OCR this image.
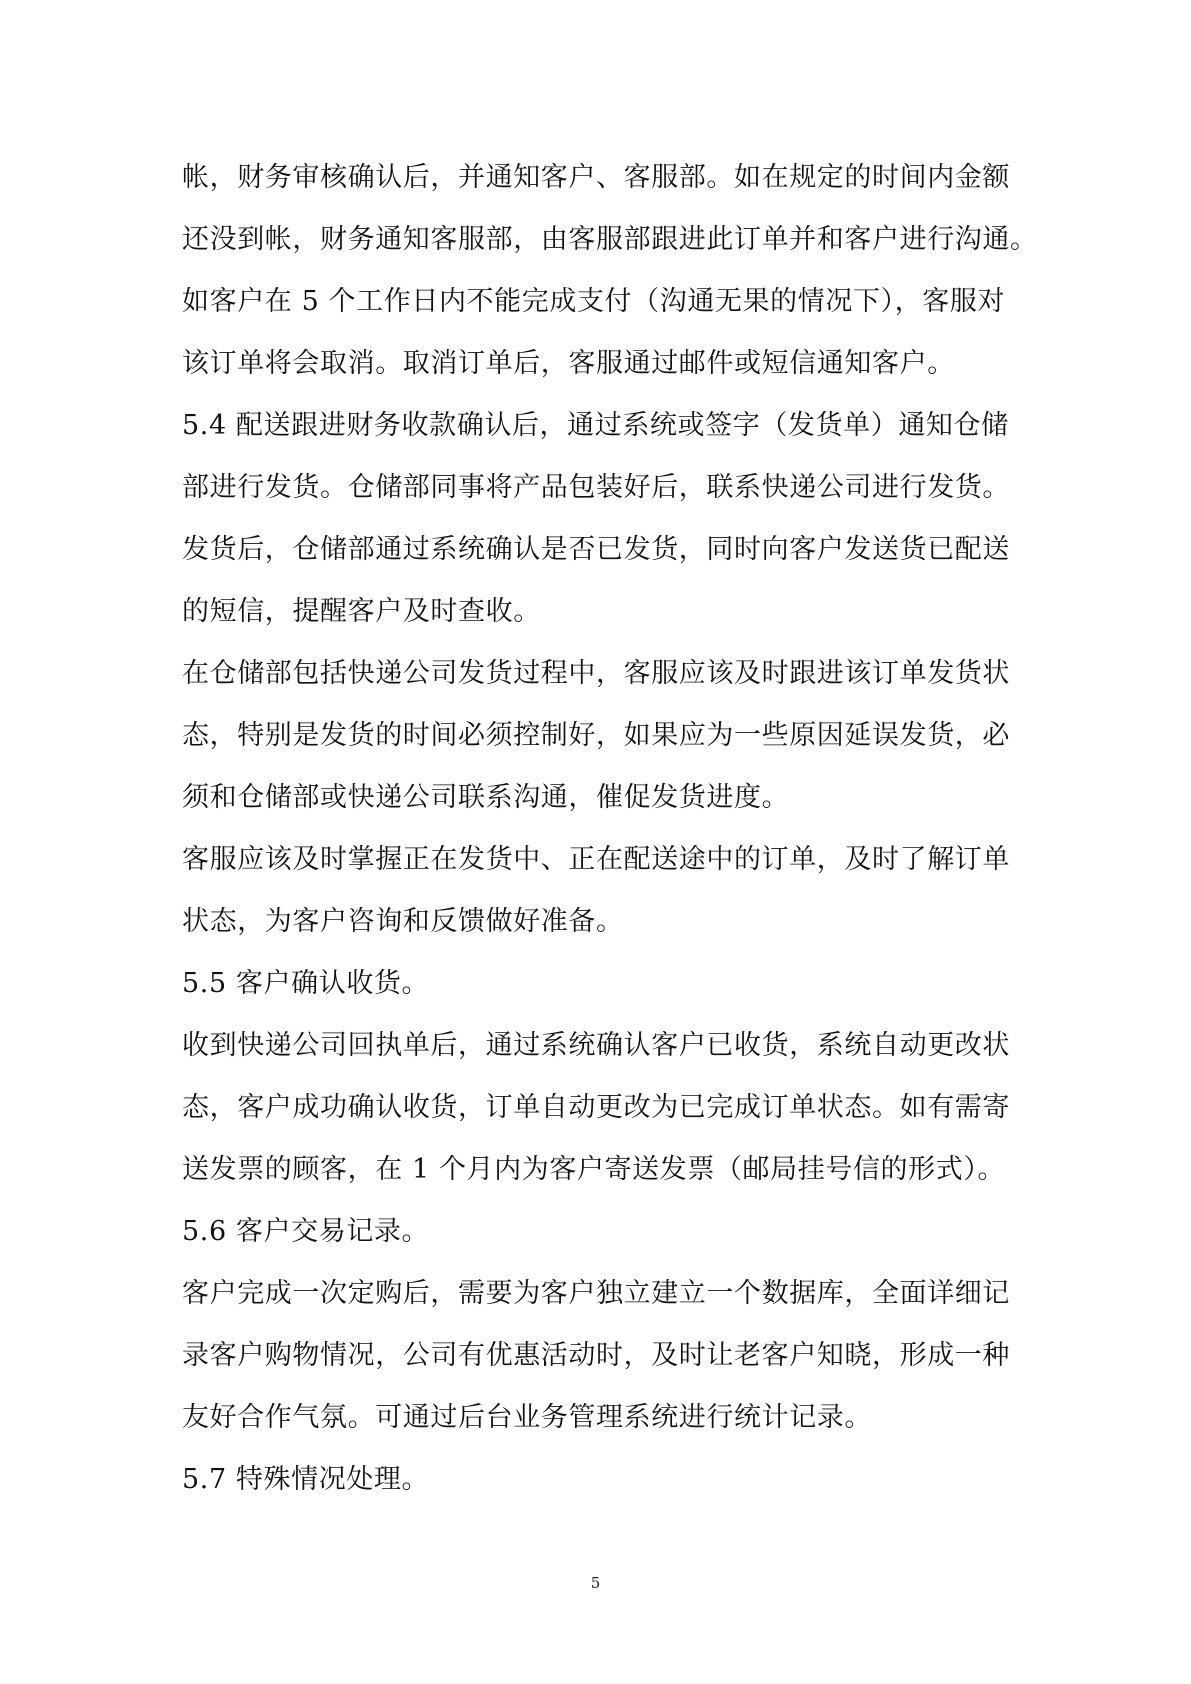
帐，财务审核确认后，并通知客户、客服部。如在规定的时间内金额
还没到帐，财务通知客服部，由客服部跟进此订单并和客户进行沟通。
如客户在 5 个工作日内不能完成支付（沟通无果的情况下），客服对
该订单将会取消。取消订单后，客服通过邮件或短信通知客户。
5.4 配送跟进财务收款确认后，通过系统或签字（发货单）通知仓储
部进行发货。仓储部同事将产品包装好后，联系快递公司进行发货。
发货后，仓储部通过系统确认是否已发货，同时向客户发送货已配送
的短信，提醒客户及时查收。
在仓储部包括快递公司发货过程中，客服应该及时跟进该订单发货状
态，特别是发货的时间必须控制好，如果应为一些原因延误发货，必
须和仓储部或快递公司联系沟通，催促发货进度。
客服应该及时掌握正在发货中、正在配送途中的订单，及时了解订单
状态，为客户咨询和反馈做好准备。
5.5 客户确认收货。
收到快递公司回执单后，通过系统确认客户已收货，系统自动更改状
态，客户成功确认收货，订单自动更改为已完成订单状态。如有需寄
送发票的顾客，在 1 个月内为客户寄送发票（邮局挂号信的形式）。
5.6 客户交易记录。
客户完成一次定购后，需要为客户独立建立一个数据库，全面详细记
录客户购物情况，公司有优惠活动时，及时让老客户知晓，形成一种
友好合作气氛。可通过后台业务管理系统进行统计记录。
5.7 特殊情况处理。
5
